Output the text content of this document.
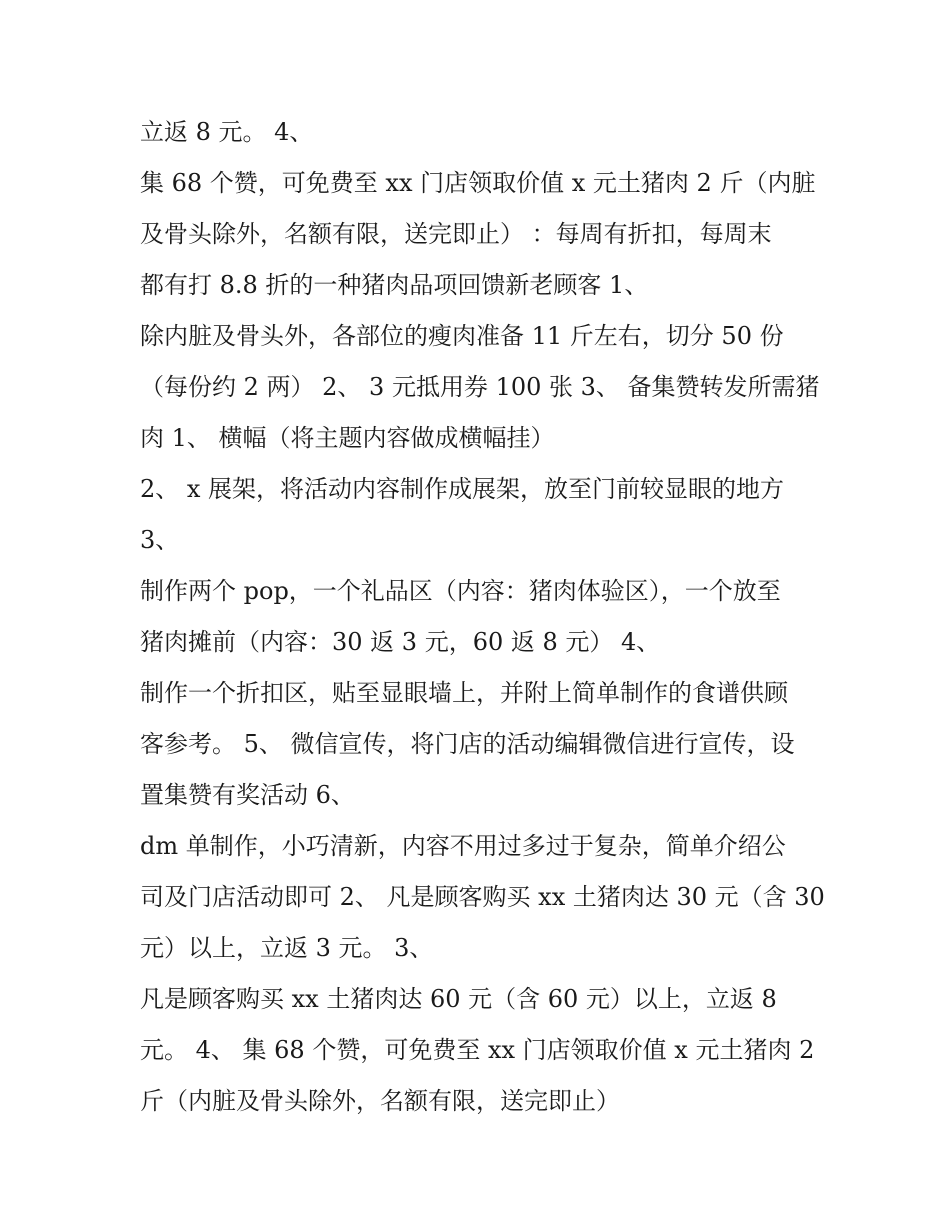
立返 8 元。 4、
集 68 个赞，可免费至 xx 门店领取价值 x 元土猪肉 2 斤（内脏
及骨头除外，名额有限，送完即止） ：每周有折扣，每周末
都有打 8.8 折的一种猪肉品项回馈新老顾客 1、
除内脏及骨头外，各部位的瘦肉准备 11 斤左右，切分 50 份
（每份约 2 两） 2、 3 元抵用券 100 张 3、 备集赞转发所需猪
肉 1、 横幅（将主题内容做成横幅挂）
2、 x 展架，将活动内容制作成展架，放至门前较显眼的地方
3、
制作两个 pop，一个礼品区（内容：猪肉体验区），一个放至
猪肉摊前（内容：30 返 3 元，60 返 8 元） 4、
制作一个折扣区，贴至显眼墙上，并附上简单制作的食谱供顾
客参考。 5、 微信宣传，将门店的活动编辑微信进行宣传，设
置集赞有奖活动 6、
dm 单制作，小巧清新，内容不用过多过于复杂，简单介绍公
司及门店活动即可 2、 凡是顾客购买 xx 土猪肉达 30 元（含 30
元）以上，立返 3 元。 3、
凡是顾客购买 xx 土猪肉达 60 元（含 60 元）以上，立返 8
元。 4、 集 68 个赞，可免费至 xx 门店领取价值 x 元土猪肉 2
斤（内脏及骨头除外，名额有限，送完即止）
